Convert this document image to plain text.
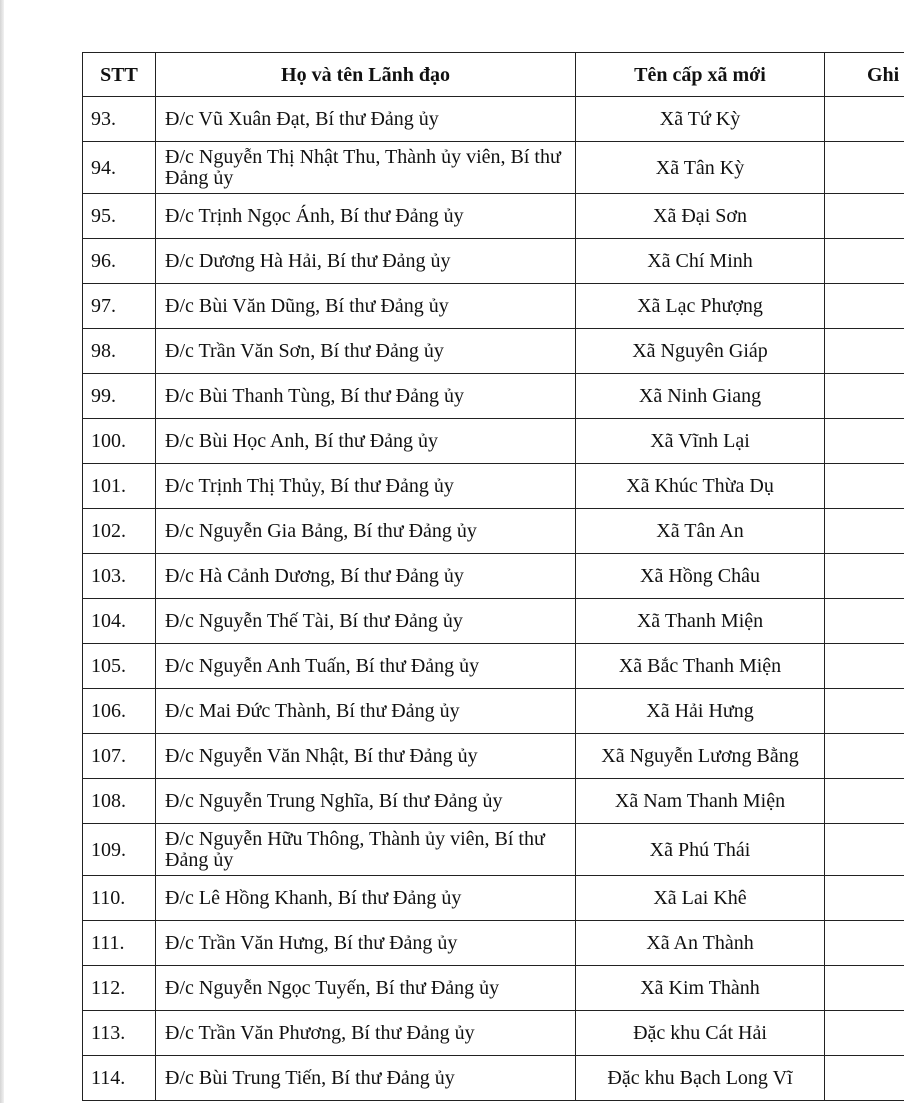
STT	Họ và tên Lãnh đạo	Tên cấp xã mới	Ghi
93.	Đ/c Vũ Xuân Đạt, Bí thư Đảng ủy	Xã Tứ Kỳ	
94.	Đ/c Nguyễn Thị Nhật Thu, Thành ủy viên, Bí thư Đảng ủy	Xã Tân Kỳ	
95.	Đ/c Trịnh Ngọc Ánh, Bí thư Đảng ủy	Xã Đại Sơn	
96.	Đ/c Dương Hà Hải, Bí thư Đảng ủy	Xã Chí Minh	
97.	Đ/c Bùi Văn Dũng, Bí thư Đảng ủy	Xã Lạc Phượng	
98.	Đ/c Trần Văn Sơn, Bí thư Đảng ủy	Xã Nguyên Giáp	
99.	Đ/c Bùi Thanh Tùng, Bí thư Đảng ủy	Xã Ninh Giang	
100.	Đ/c Bùi Học Anh, Bí thư Đảng ủy	Xã Vĩnh Lại	
101.	Đ/c Trịnh Thị Thủy, Bí thư Đảng ủy	Xã Khúc Thừa Dụ	
102.	Đ/c Nguyễn Gia Bảng, Bí thư Đảng ủy	Xã Tân An	
103.	Đ/c Hà Cảnh Dương, Bí thư Đảng ủy	Xã Hồng Châu	
104.	Đ/c Nguyễn Thế Tài, Bí thư Đảng ủy	Xã Thanh Miện	
105.	Đ/c Nguyễn Anh Tuấn, Bí thư Đảng ủy	Xã Bắc Thanh Miện	
106.	Đ/c Mai Đức Thành, Bí thư Đảng ủy	Xã Hải Hưng	
107.	Đ/c Nguyễn Văn Nhật, Bí thư Đảng ủy	Xã Nguyễn Lương Bằng	
108.	Đ/c Nguyễn Trung Nghĩa, Bí thư Đảng ủy	Xã Nam Thanh Miện	
109.	Đ/c Nguyễn Hữu Thông, Thành ủy viên, Bí thư Đảng ủy	Xã Phú Thái	
110.	Đ/c Lê Hồng Khanh, Bí thư Đảng ủy	Xã Lai Khê	
111.	Đ/c Trần Văn Hưng, Bí thư Đảng ủy	Xã An Thành	
112.	Đ/c Nguyễn Ngọc Tuyến, Bí thư Đảng ủy	Xã Kim Thành	
113.	Đ/c Trần Văn Phương, Bí thư Đảng ủy	Đặc khu Cát Hải	
114.	Đ/c Bùi Trung Tiến, Bí thư Đảng ủy	Đặc khu Bạch Long Vĩ	
